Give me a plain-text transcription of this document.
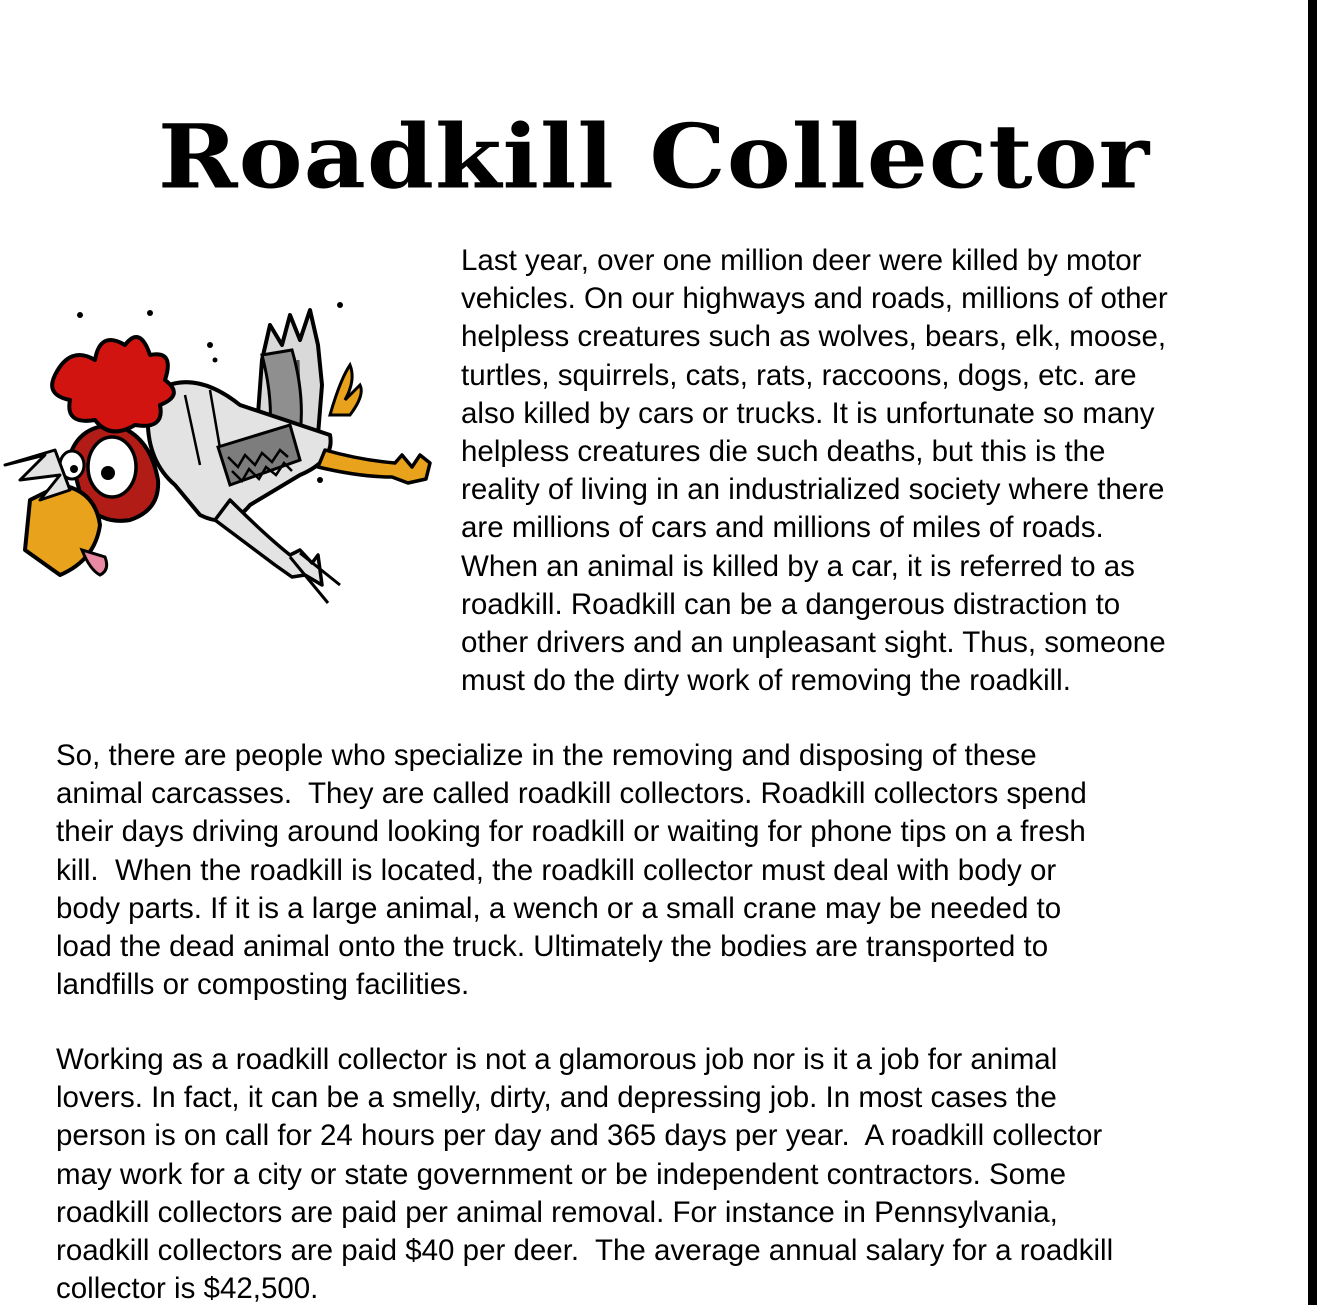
Roadkill Collector

Last year, over one million deer were killed by motor
vehicles. On our highways and roads, millions of other
helpless creatures such as wolves, bears, elk, moose,
turtles, squirrels, cats, rats, raccoons, dogs, etc. are
also killed by cars or trucks. It is unfortunate so many
helpless creatures die such deaths, but this is the
reality of living in an industrialized society where there
are millions of cars and millions of miles of roads.
When an animal is killed by a car, it is referred to as
roadkill. Roadkill can be a dangerous distraction to
other drivers and an unpleasant sight. Thus, someone
must do the dirty work of removing the roadkill.

So, there are people who specialize in the removing and disposing of these
animal carcasses.  They are called roadkill collectors. Roadkill collectors spend
their days driving around looking for roadkill or waiting for phone tips on a fresh
kill.  When the roadkill is located, the roadkill collector must deal with body or
body parts. If it is a large animal, a wench or a small crane may be needed to
load the dead animal onto the truck. Ultimately the bodies are transported to
landfills or composting facilities.

Working as a roadkill collector is not a glamorous job nor is it a job for animal
lovers. In fact, it can be a smelly, dirty, and depressing job. In most cases the
person is on call for 24 hours per day and 365 days per year.  A roadkill collector
may work for a city or state government or be independent contractors. Some
roadkill collectors are paid per animal removal. For instance in Pennsylvania,
roadkill collectors are paid $40 per deer.  The average annual salary for a roadkill
collector is $42,500.
